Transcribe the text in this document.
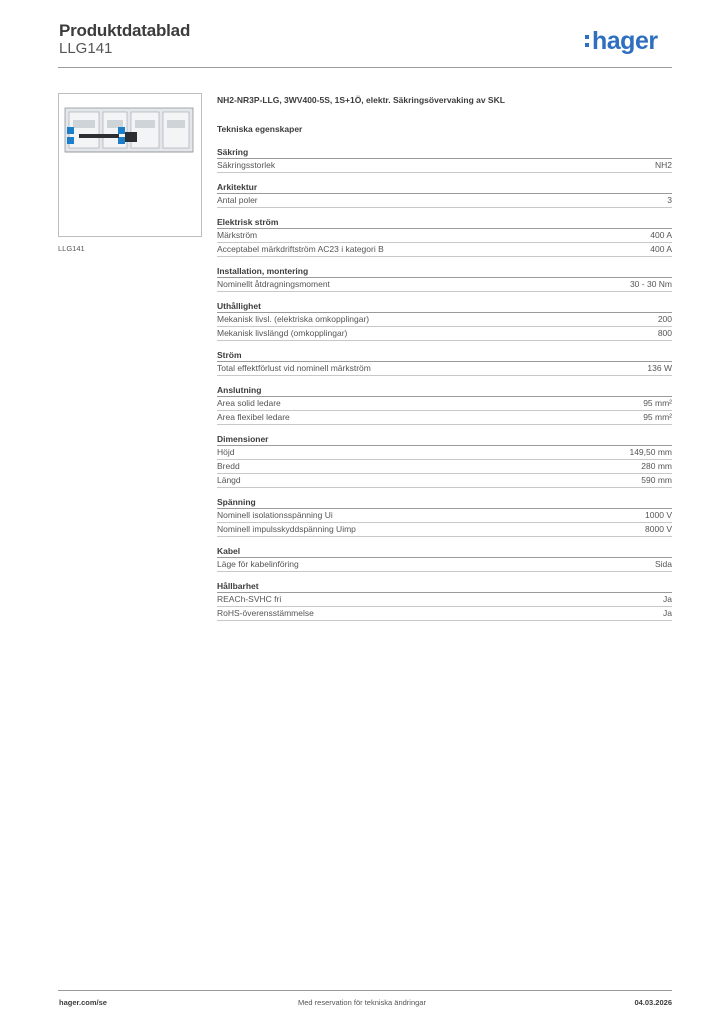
Produktdatablad
LLG141	hager
LLG141
NH2-NR3P-LLG, 3WV400-5S, 1S+1Ö, elektr. Säkringsövervaking av SKL
Tekniska egenskaper
Säkring
Säkringsstorlek	NH2
Arkitektur
Antal poler	3
Elektrisk ström
Märkström	400 A
Acceptabel märkdriftström AC23 i kategori B	400 A
Installation, montering
Nominellt åtdragningsmoment	30 - 30 Nm
Uthållighet
Mekanisk livsl. (elektriska omkopplingar)	200
Mekanisk livslängd (omkopplingar)	800
Ström
Total effektförlust vid nominell märkström	136 W
Anslutning
Area solid ledare	95 mm²
Area flexibel ledare	95 mm²
Dimensioner
Höjd	149,50 mm
Bredd	280 mm
Längd	590 mm
Spänning
Nominell isolationsspänning Ui	1000 V
Nominell impulsskyddspänning Uimp	8000 V
Kabel
Läge för kabelinföring	Sida
Hållbarhet
REACh-SVHC fri	Ja
RoHS-överensstämmelse	Ja
hager.com/se	Med reservation för tekniska ändringar	04.03.2026
